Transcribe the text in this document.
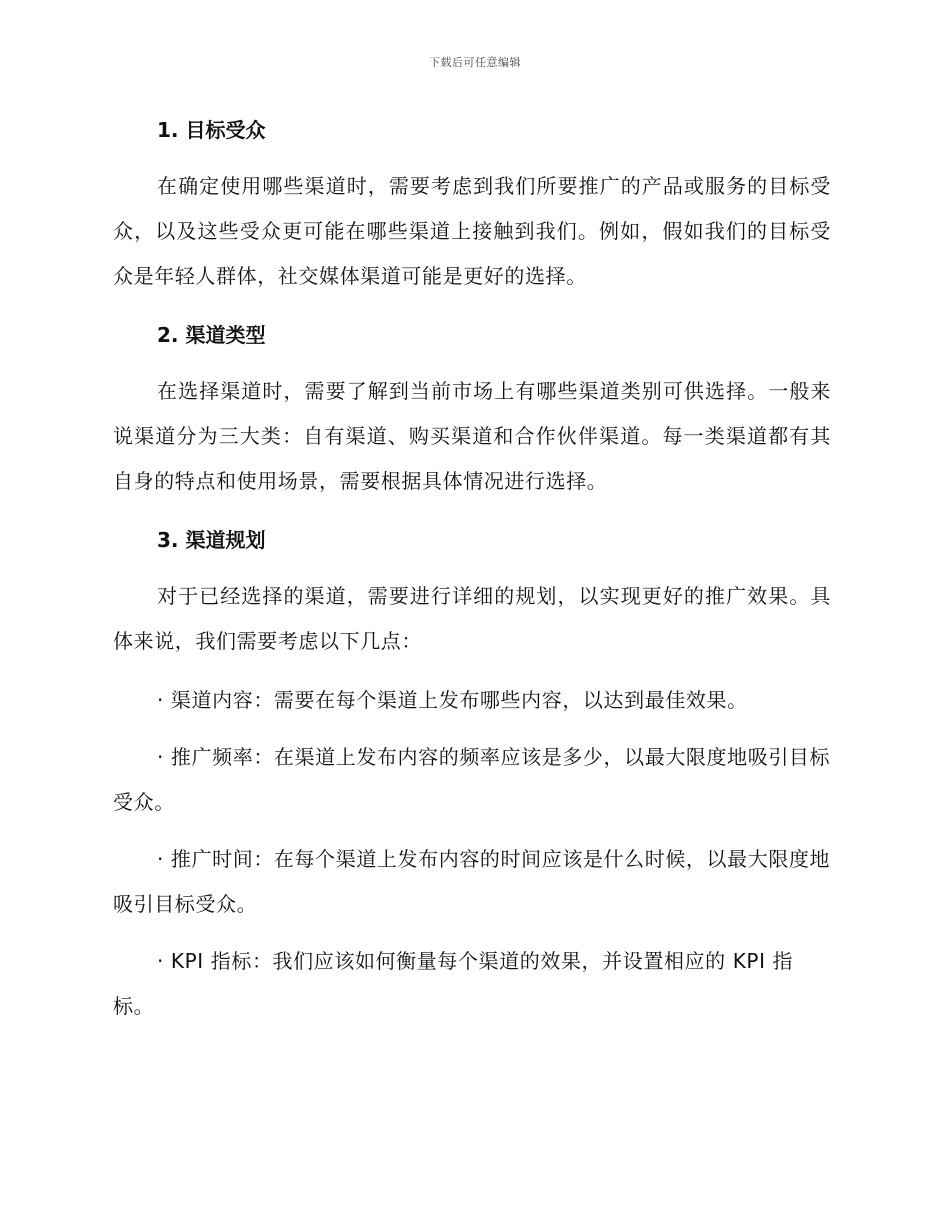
下载后可任意编辑
1. 目标受众

在确定使用哪些渠道时，需要考虑到我们所要推广的产品或服务的目标受众，以及这些受众更可能在哪些渠道上接触到我们。例如，假如我们的目标受众是年轻人群体，社交媒体渠道可能是更好的选择。

2. 渠道类型

在选择渠道时，需要了解到当前市场上有哪些渠道类别可供选择。一般来说渠道分为三大类：自有渠道、购买渠道和合作伙伴渠道。每一类渠道都有其自身的特点和使用场景，需要根据具体情况进行选择。

3. 渠道规划

对于已经选择的渠道，需要进行详细的规划，以实现更好的推广效果。具体来说，我们需要考虑以下几点：

· 渠道内容：需要在每个渠道上发布哪些内容，以达到最佳效果。

· 推广频率：在渠道上发布内容的频率应该是多少，以最大限度地吸引目标受众。

· 推广时间：在每个渠道上发布内容的时间应该是什么时候，以最大限度地吸引目标受众。

· KPI 指标：我们应该如何衡量每个渠道的效果，并设置相应的 KPI 指标。
